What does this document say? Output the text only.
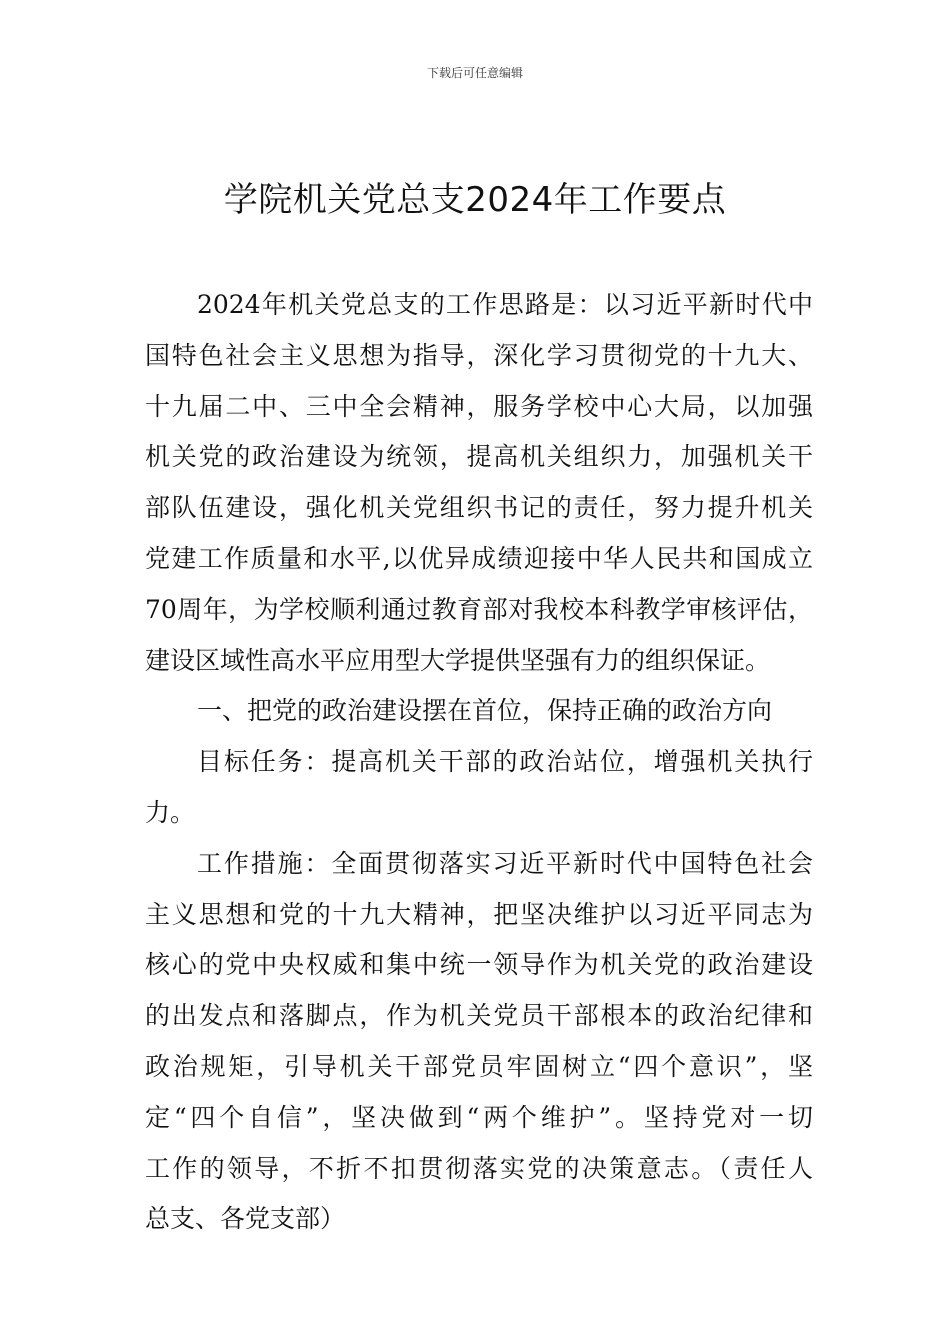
下载后可任意编辑
学院机关党总支2024年工作要点
2024年机关党总支的工作思路是：以习近平新时代中
国特色社会主义思想为指导，深化学习贯彻党的十九大、
十九届二中、三中全会精神，服务学校中心大局，以加强
机关党的政治建设为统领，提高机关组织力，加强机关干
部队伍建设，强化机关党组织书记的责任，努力提升机关
党建工作质量和水平,以优异成绩迎接中华人民共和国成立
70周年，为学校顺利通过教育部对我校本科教学审核评估，
建设区域性高水平应用型大学提供坚强有力的组织保证。
一、把党的政治建设摆在首位，保持正确的政治方向
目标任务：提高机关干部的政治站位，增强机关执行
力。
工作措施：全面贯彻落实习近平新时代中国特色社会
主义思想和党的十九大精神，把坚决维护以习近平同志为
核心的党中央权威和集中统一领导作为机关党的政治建设
的出发点和落脚点，作为机关党员干部根本的政治纪律和
政治规矩，引导机关干部党员牢固树立“四个意识”，坚
定“四个自信”，坚决做到“两个维护”。坚持党对一切
工作的领导，不折不扣贯彻落实党的决策意志。（责任人
总支、各党支部）
